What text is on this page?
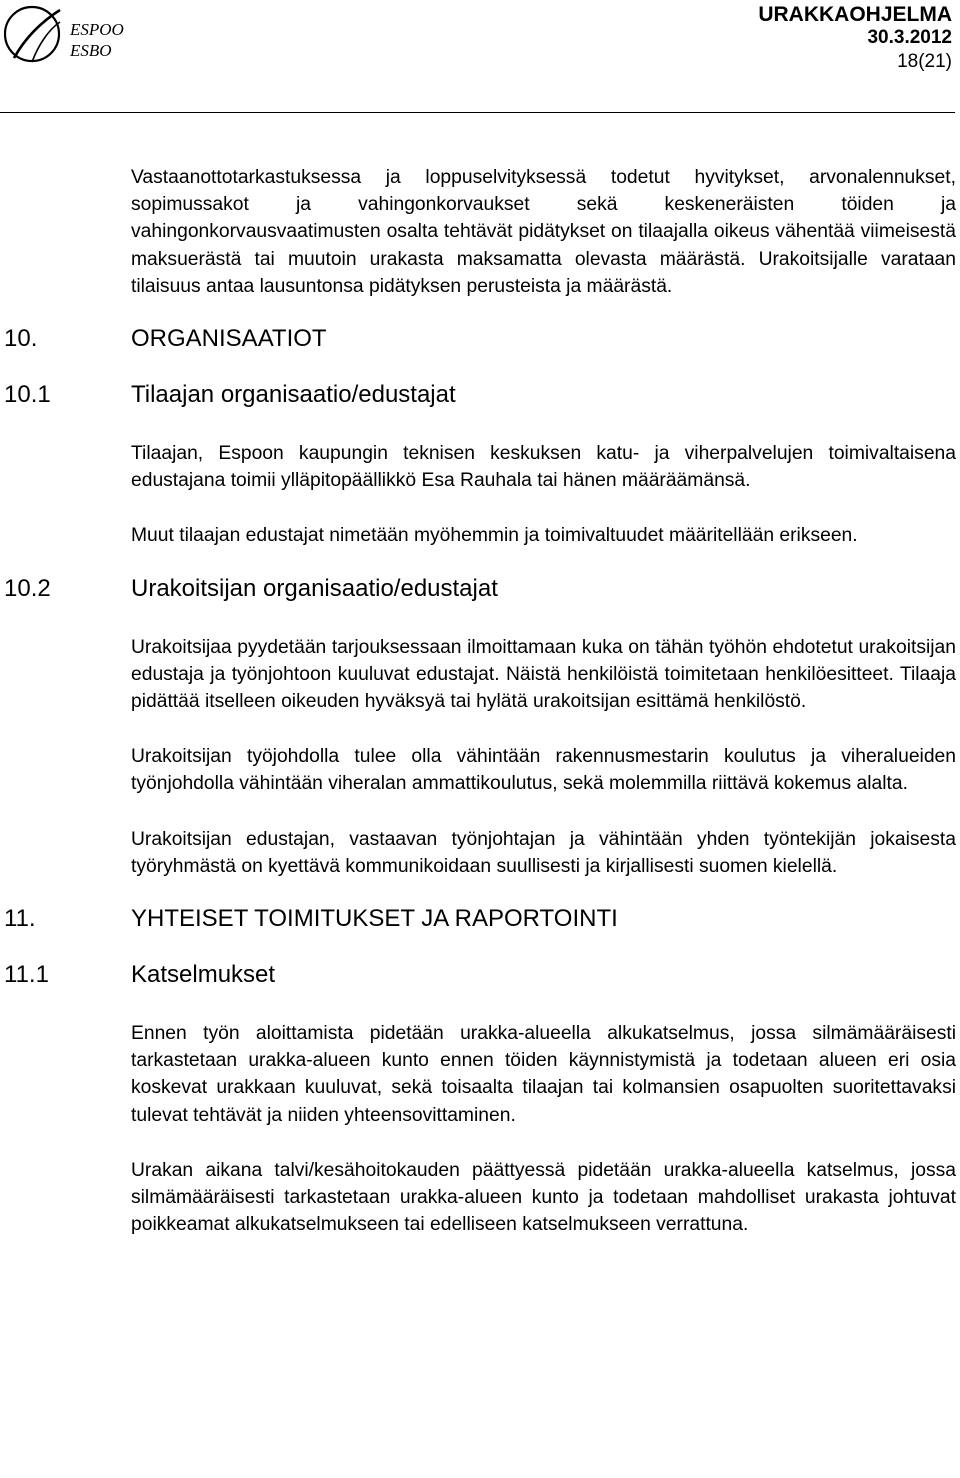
ESPOO
ESBO
URAKKAOHJELMA
30.3.2012
18(21)

Vastaanottotarkastuksessa ja loppuselvityksessä todetut hyvitykset, arvonalennukset, sopimussakot ja vahingonkorvaukset sekä keskeneräisten töiden ja vahingonkorvausvaatimusten osalta tehtävät pidätykset on tilaajalla oikeus vähentää viimeisestä maksuerästä tai muutoin urakasta maksamatta olevasta määrästä. Urakoitsijalle varataan tilaisuus antaa lausuntonsa pidätyksen perusteista ja määrästä.

10.	ORGANISAATIOT
10.1	Tilaajan organisaatio/edustajat

Tilaajan, Espoon kaupungin teknisen keskuksen katu- ja viherpalvelujen toimivaltaisena edustajana toimii ylläpitopäällikkö Esa Rauhala tai hänen määräämänsä.

Muut tilaajan edustajat nimetään myöhemmin ja toimivaltuudet määritellään erikseen.

10.2	Urakoitsijan organisaatio/edustajat

Urakoitsijaa pyydetään tarjouksessaan ilmoittamaan kuka on tähän työhön ehdotetut urakoitsijan edustaja ja työnjohtoon kuuluvat edustajat. Näistä henkilöistä toimitetaan henkilöesitteet. Tilaaja pidättää itselleen oikeuden hyväksyä tai hylätä urakoitsijan esittämä henkilöstö.

Urakoitsijan työjohdolla tulee olla vähintään rakennusmestarin koulutus ja viheralueiden työnjohdolla vähintään viheralan ammattikoulutus, sekä molemmilla riittävä kokemus alalta.

Urakoitsijan edustajan, vastaavan työnjohtajan ja vähintään yhden työntekijän jokaisesta työryhmästä on kyettävä kommunikoidaan suullisesti ja kirjallisesti suomen kielellä.

11.	YHTEISET TOIMITUKSET JA RAPORTOINTI
11.1	Katselmukset

Ennen työn aloittamista pidetään urakka-alueella alkukatselmus, jossa silmämääräisesti tarkastetaan urakka-alueen kunto ennen töiden käynnistymistä ja todetaan alueen eri osia koskevat urakkaan kuuluvat, sekä toisaalta tilaajan tai kolmansien osapuolten suoritettavaksi tulevat tehtävät ja niiden yhteensovittaminen.

Urakan aikana talvi/kesähoitokauden päättyessä pidetään urakka-alueella katselmus, jossa silmämääräisesti tarkastetaan urakka-alueen kunto ja todetaan mahdolliset urakasta johtuvat poikkeamat alkukatselmukseen tai edelliseen katselmukseen verrattuna.
